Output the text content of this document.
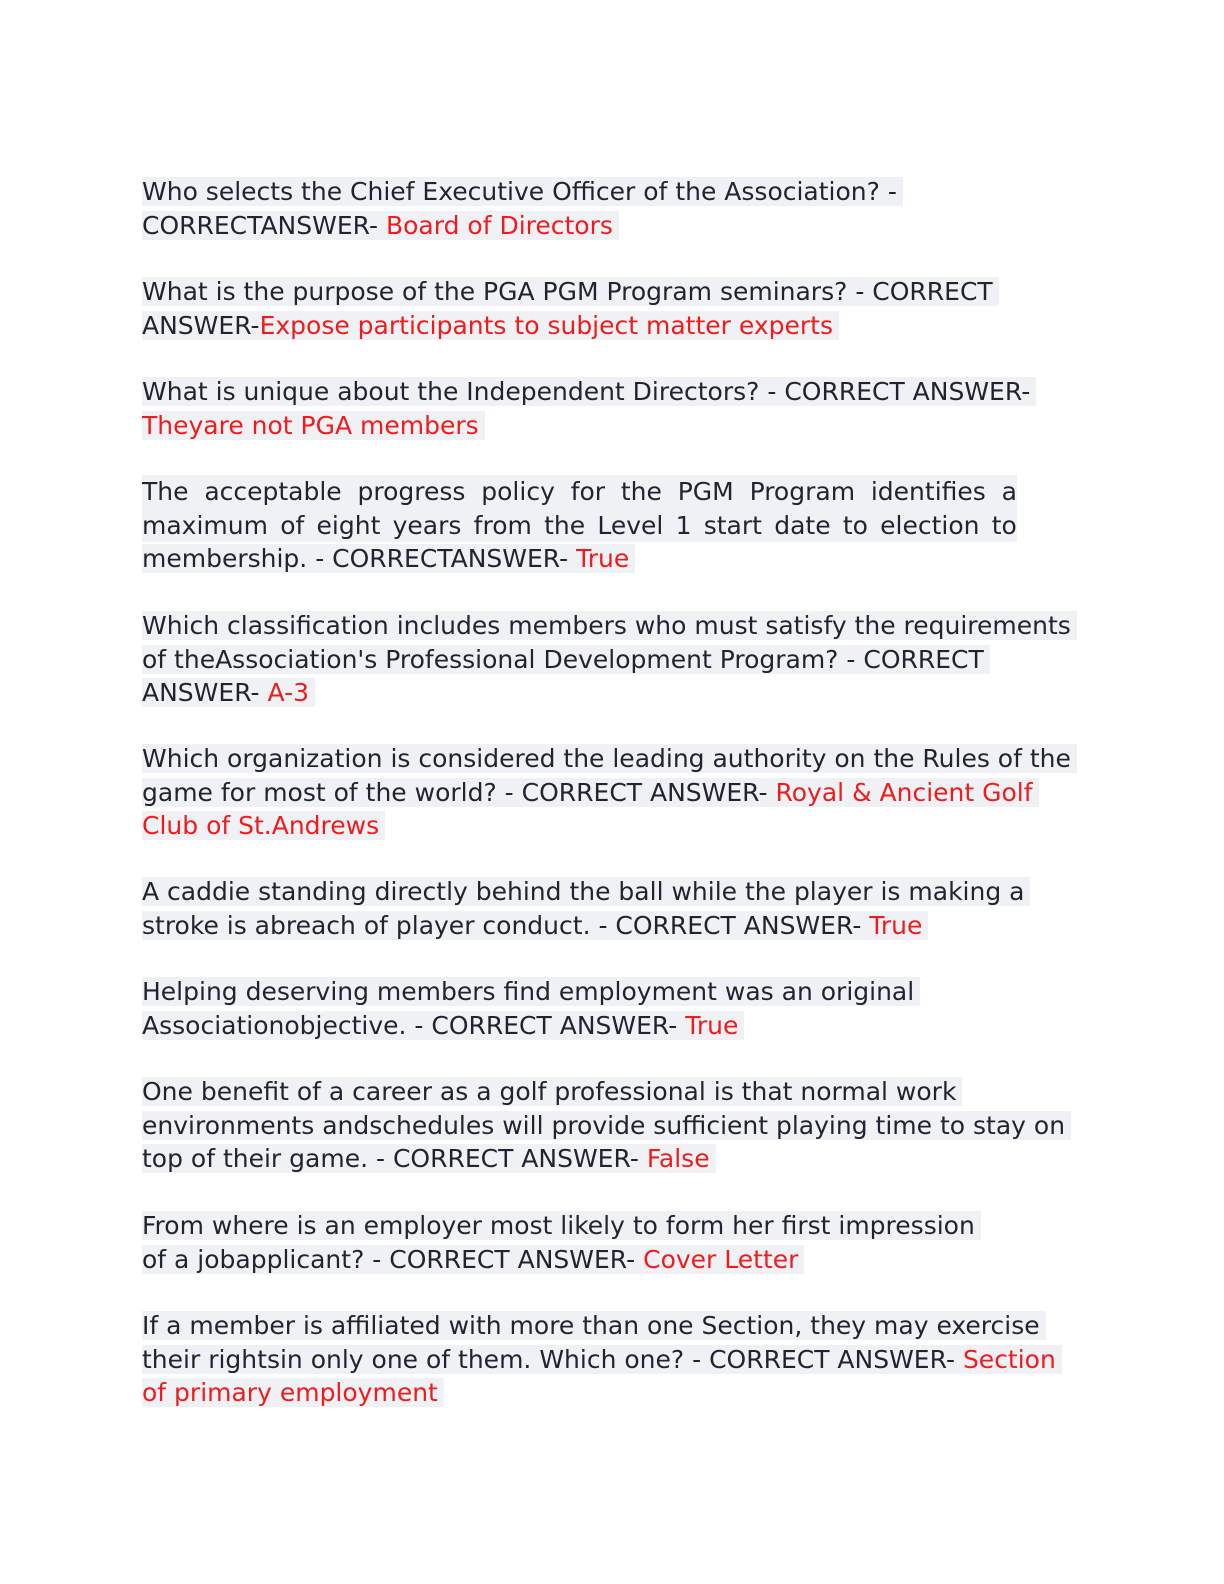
Who selects the Chief Executive Officer of the Association? -
CORRECTANSWER- Board of Directors
What is the purpose of the PGA PGM Program seminars? - CORRECT
ANSWER-Expose participants to subject matter experts
What is unique about the Independent Directors? - CORRECT ANSWER-
Theyare not PGA members
The acceptable progress policy for the PGM Program identifies a
maximum of eight years from the Level 1 start date to election to
membership. - CORRECTANSWER- True
Which classification includes members who must satisfy the requirements
of theAssociation's Professional Development Program? - CORRECT
ANSWER- A-3
Which organization is considered the leading authority on the Rules of the
game for most of the world? - CORRECT ANSWER- Royal & Ancient Golf
Club of St.Andrews
A caddie standing directly behind the ball while the player is making a
stroke is abreach of player conduct. - CORRECT ANSWER- True
Helping deserving members find employment was an original
Associationobjective. - CORRECT ANSWER- True
One benefit of a career as a golf professional is that normal work
environments andschedules will provide sufficient playing time to stay on
top of their game. - CORRECT ANSWER- False
From where is an employer most likely to form her first impression
of a jobapplicant? - CORRECT ANSWER- Cover Letter
If a member is affiliated with more than one Section, they may exercise
their rightsin only one of them. Which one? - CORRECT ANSWER- Section
of primary employment
